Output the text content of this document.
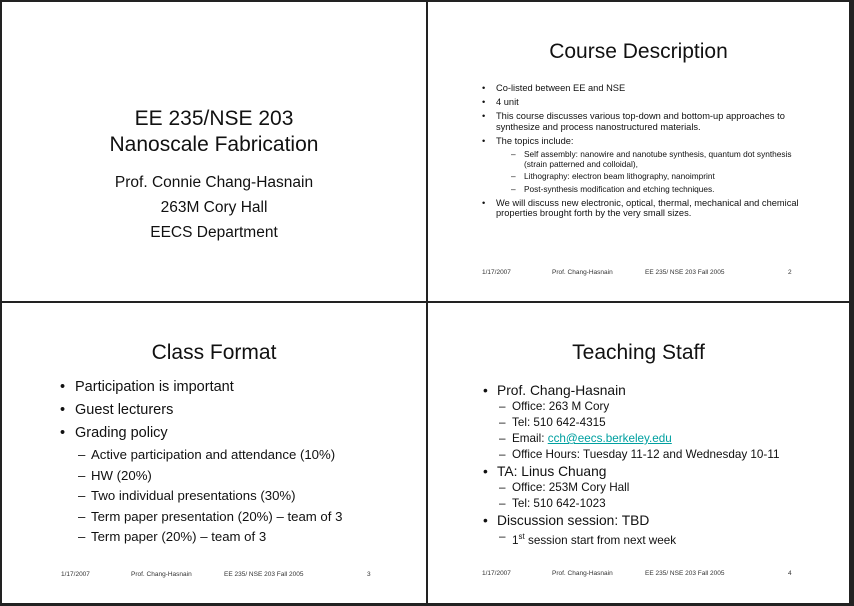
EE 235/NSE 203
Nanoscale Fabrication
Prof. Connie Chang-Hasnain
263M Cory Hall
EECS Department
Course Description
• Co-listed between EE and NSE
• 4 unit
• This course discusses various top-down and bottom-up approaches to synthesize and process nanostructured materials.
• The topics include:
– Self assembly: nanowire and nanotube synthesis, quantum dot synthesis (strain patterned and colloidal),
– Lithography: electron beam lithography, nanoimprint
– Post-synthesis modification and etching techniques.
• We will discuss new electronic, optical, thermal, mechanical and chemical properties brought forth by the very small sizes.
1/17/2007	Prof. Chang-Hasnain	EE 235/ NSE 203 Fall 2005	2
Class Format
• Participation is important
• Guest lecturers
• Grading policy
– Active participation and attendance (10%)
– HW (20%)
– Two individual presentations (30%)
– Term paper presentation (20%) – team of 3
– Term paper (20%) – team of 3
1/17/2007	Prof. Chang-Hasnain	EE 235/ NSE 203 Fall 2005	3
Teaching Staff
• Prof. Chang-Hasnain
– Office: 263 M Cory
– Tel: 510 642-4315
– Email: cch@eecs.berkeley.edu
– Office Hours: Tuesday 11-12 and Wednesday 10-11
• TA: Linus Chuang
– Office: 253M Cory Hall
– Tel: 510 642-1023
• Discussion session: TBD
– 1st session start from next week
1/17/2007	Prof. Chang-Hasnain	EE 235/ NSE 203 Fall 2005	4
